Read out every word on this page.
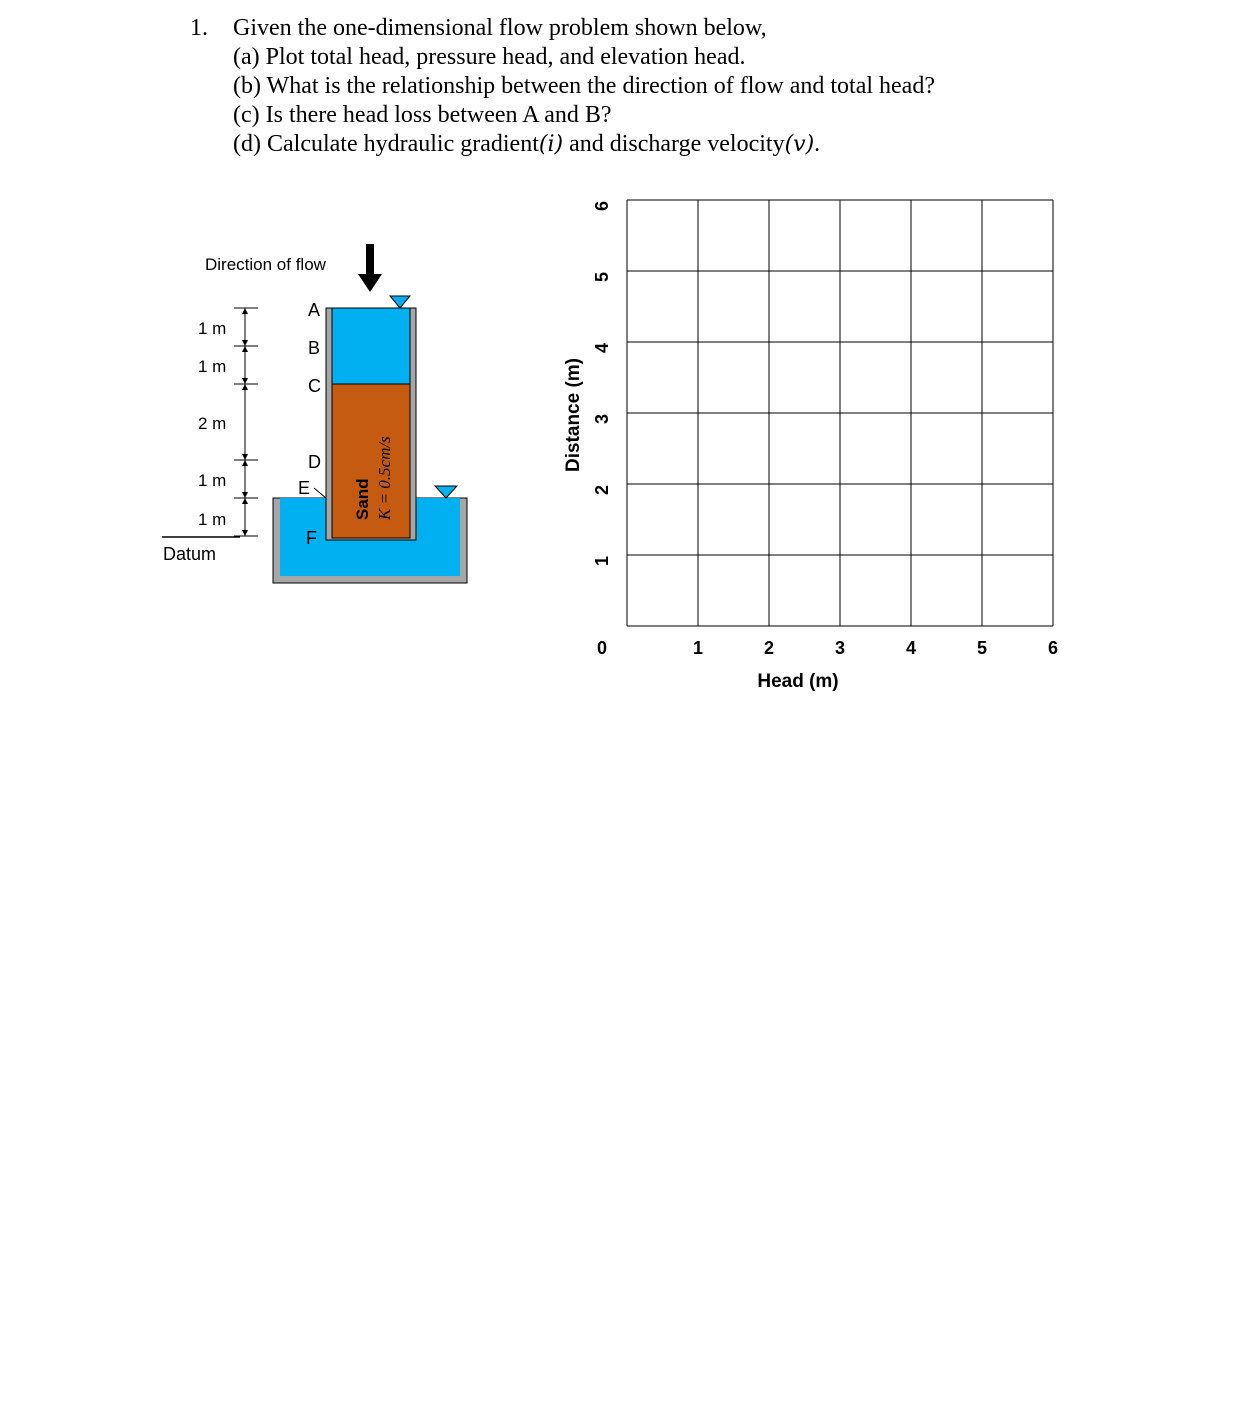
1.	Given the one-dimensional flow problem shown below,
(a) Plot total head, pressure head, and elevation head.
(b) What is the relationship between the direction of flow and total head?
(c) Is there head loss between A and B?
(d) Calculate hydraulic gradient(i) and discharge velocity(v).
Sand K = 0.5cm/s
Direction of flow
A
B
C
D
E
F
1 m
1 m
2 m
1 m
1 m
Datum
1	2	3	4	5	6
0
1
2
3
4
5
6
Head (m)
Distance (m)
